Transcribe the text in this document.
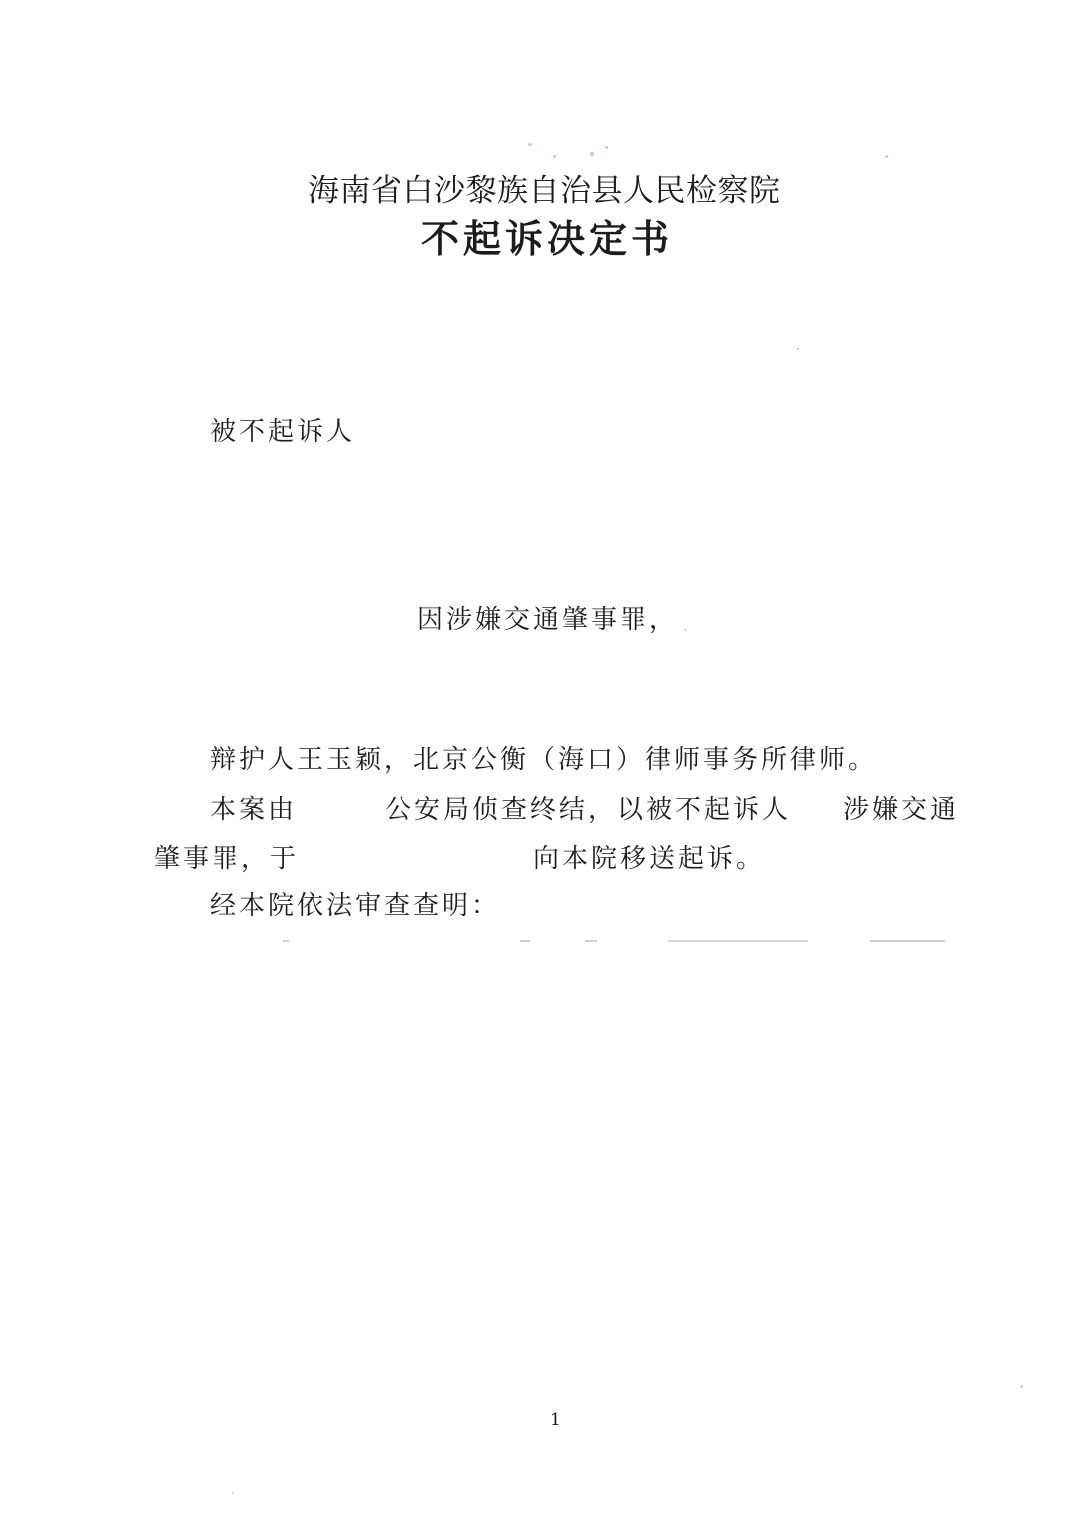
海南省白沙黎族自治县人民检察院
不起诉决定书
被不起诉人
因涉嫌交通肇事罪，
辩护人王玉颖，北京公衡（海口）律师事务所律师。
本案由	公安局侦查终结，以被不起诉人 涉嫌交通
肇事罪，于	向本院移送起诉。
经本院依法审查查明：
1
